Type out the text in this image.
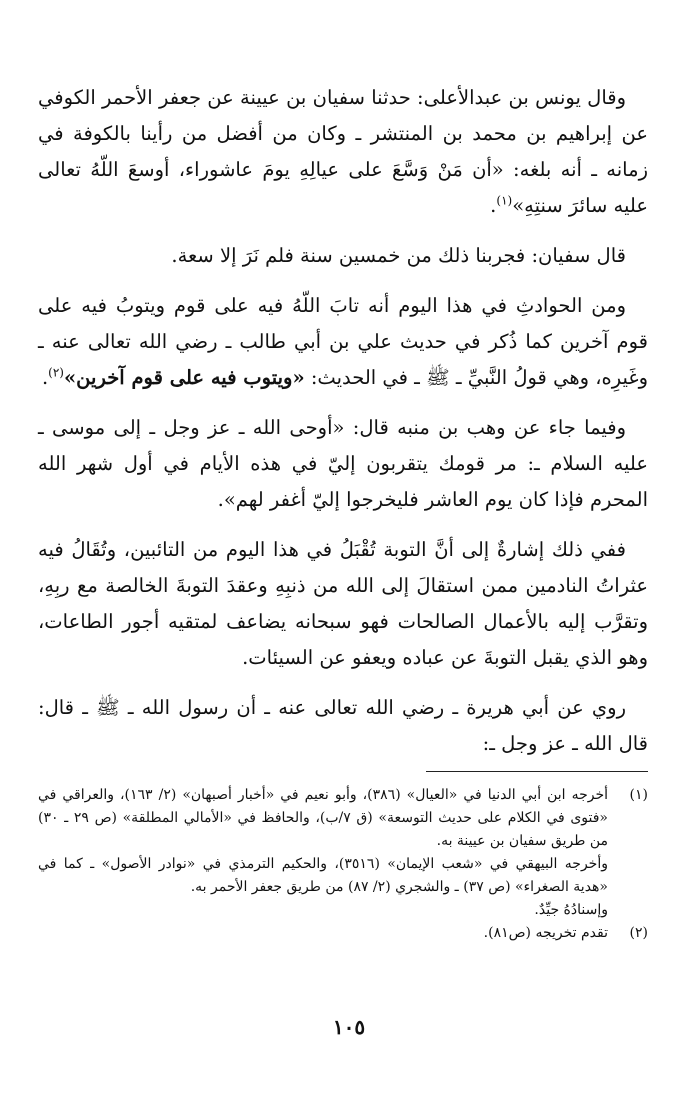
وقال يونس بن عبدالأعلى: حدثنا سفيان بن عيينة عن جعفر الأحمر الكوفي عن إبراهيم بن محمد بن المنتشر ـ وكان من أفضل من رأينا بالكوفة في زمانه ـ أنه بلغه: «أن مَنْ وَسَّعَ على عيالِهِ يومَ عاشوراء، أوسعَ اللّهُ تعالى عليه سائرَ سنتِهِ»$^{(١)}$.

قال سفيان: فجربنا ذلك من خمسين سنة فلم نَرَ إلا سعة.

ومن الحوادثِ في هذا اليوم أنه تابَ اللّهُ فيه على قوم ويتوبُ فيه على قوم آخرين كما ذُكر في حديث علي بن أبي طالب ـ رضي الله تعالى عنه ـ وغَيرِه، وهي قولُ النَّبيِّ ـ ﷺ ـ في الحديث: «ويتوب فيه على قوم آخرين»$^{(٢)}$.

وفيما جاء عن وهب بن منبه قال: «أوحى الله ـ عز وجل ـ إلى موسى ـ عليه السلام ـ: مر قومك يتقربون إليّ في هذه الأيام في أول شهر الله المحرم فإذا كان يوم العاشر فليخرجوا إليّ أغفر لهم».

ففي ذلك إشارةٌ إلى أنَّ التوبة تُقْبَلُ في هذا اليوم من التائبين، وتُقَالُ فيه عثراتُ النادمين ممن استقالَ إلى الله من ذنبِهِ وعقدَ التوبةَ الخالصة مع ربِهِ، وتقرَّب إليه بالأعمال الصالحات فهو سبحانه يضاعف لمتقيه أجور الطاعات، وهو الذي يقبل التوبةَ عن عباده ويعفو عن السيئات.

روي عن أبي هريرة ـ رضي الله تعالى عنه ـ أن رسول الله ـ ﷺ ـ قال: قال الله ـ عز وجل ـ:

(١)
أخرجه ابن أبي الدنيا في «العيال» (٣٨٦)، وأبو نعيم في «أخبار أصبهان» (٢/ ١٦٣)، والعراقي في «فتوى في الكلام على حديث التوسعة» (ق ٧/ب)، والحافظ في «الأمالي المطلقة» (ص ٢٩ ـ ٣٠) من طريق سفيان بن عيينة به.
وأخرجه البيهقي في «شعب الإيمان» (٣٥١٦)، والحكيم الترمذي في «نوادر الأصول» ـ كما في «هدية الصغراء» (ص ٣٧) ـ والشجري (٢/ ٨٧) من طريق جعفر الأحمر به.
وإسنادُهُ جيِّدٌ.
(٢)
تقدم تخريجه (ص٨١).
١٠٥
